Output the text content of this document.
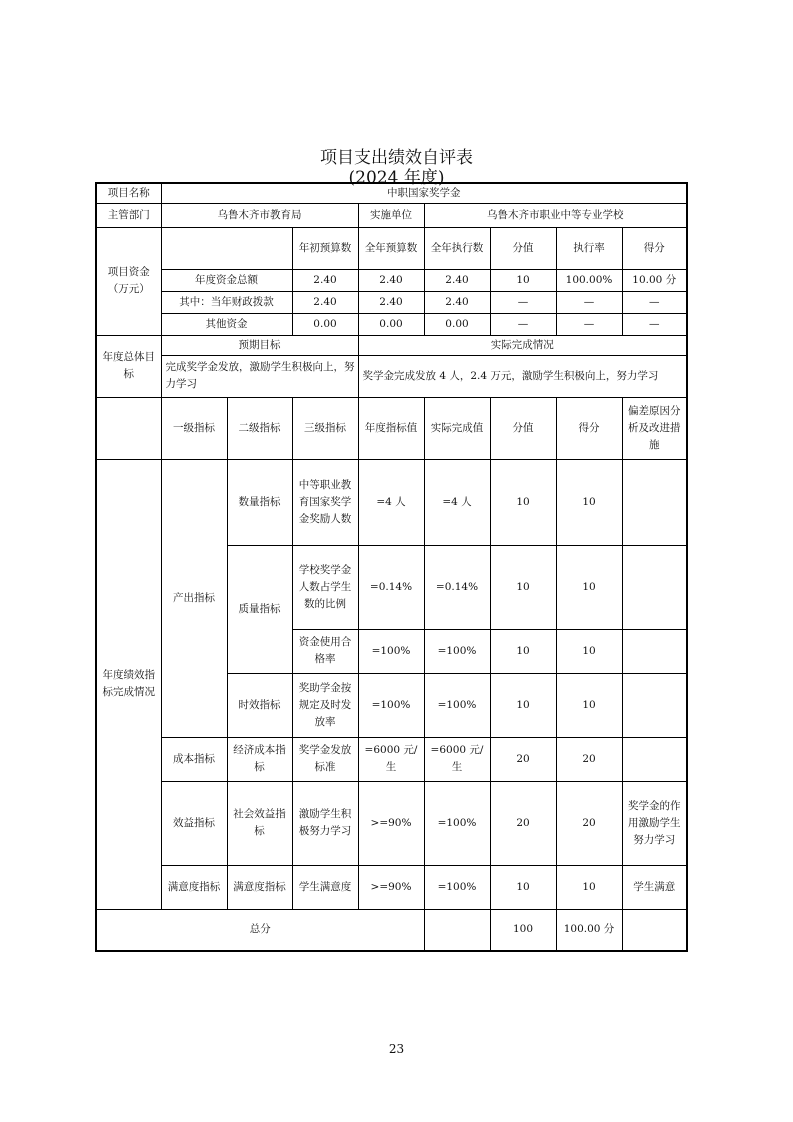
项目支出绩效自评表
(2024 年度)
项目名称	中职国家奖学金							
主管部门	乌鲁木齐市教育局			实施单位	乌鲁木齐市职业中等专业学校			
项目资金（万元）			年初预算数	全年预算数	全年执行数	分值	执行率	得分
	年度资金总额		2.40	2.40	2.40	10	100.00%	10.00 分
	其中：当年财政拨款		2.40	2.40	2.40	—	—	—
	其他资金		0.00	0.00	0.00	—	—	—
年度总体目标	预期目标			实际完成情况				
	完成奖学金发放，激励学生积极向上，努力学习			奖学金完成发放 4 人，2.4 万元，激励学生积极向上，努力学习				
	一级指标	二级指标	三级指标	年度指标值	实际完成值	分值	得分	偏差原因分析及改进措施
年度绩效指标完成情况	产出指标	数量指标	中等职业教育国家奖学金奖励人数	=4 人	=4 人	10	10	
		质量指标	学校奖学金人数占学生数的比例	=0.14%	=0.14%	10	10	
			资金使用合格率	=100%	=100%	10	10	
		时效指标	奖助学金按规定及时发放率	=100%	=100%	10	10	
	成本指标	经济成本指标	奖学金发放标准	=6000 元/生	=6000 元/生	20	20	
	效益指标	社会效益指标	激励学生积极努力学习	>=90%	=100%	20	20	奖学金的作用激励学生努力学习
	满意度指标	满意度指标	学生满意度	>=90%	=100%	10	10	学生满意
总分						100	100.00 分	
23
